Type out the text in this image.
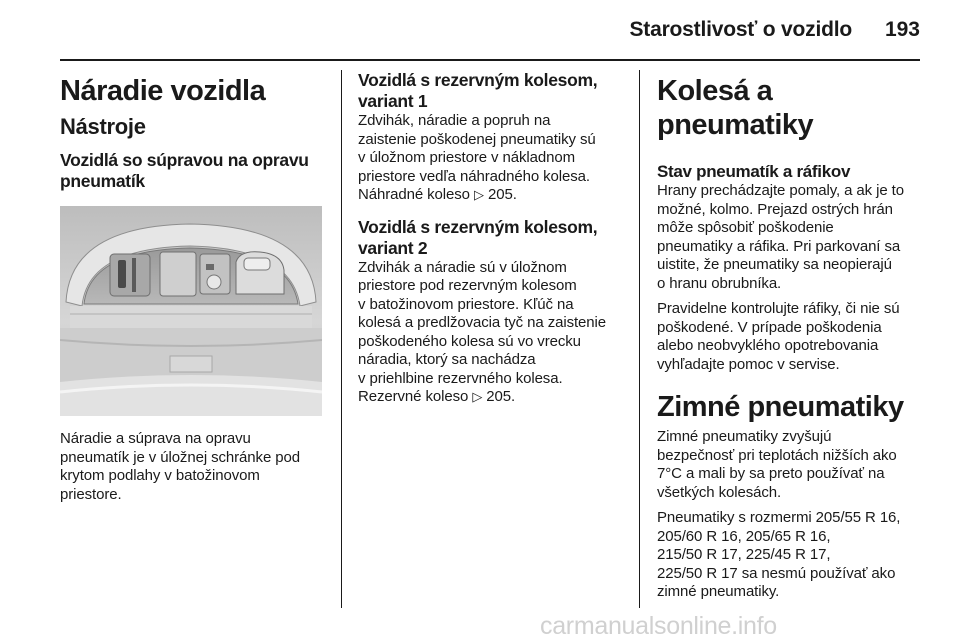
Starostlivosť o vozidlo 193
Náradie vozidla
Nástroje
Vozidlá so súpravou na opravu
pneumatík
Náradie a súprava na opravu
pneumatík je v úložnej schránke pod
krytom podlahy v batožinovom
priestore.
Vozidlá s rezervným kolesom,
variant 1
Zdvihák, náradie a popruh na
zaistenie poškodenej pneumatiky sú
v úložnom priestore v nákladnom
priestore vedľa náhradného kolesa.
Náhradné koleso ▷ 205.
Vozidlá s rezervným kolesom,
variant 2
Zdvihák a náradie sú v úložnom
priestore pod rezervným kolesom
v batožinovom priestore. Kľúč na
kolesá a predlžovacia tyč na zaistenie
poškodeného kolesa sú vo vrecku
náradia, ktorý sa nachádza
v priehlbine rezervného kolesa.
Rezervné koleso ▷ 205.
Kolesá a pneumatiky
Stav pneumatík a ráfikov
Hrany prechádzajte pomaly, a ak je to
možné, kolmo. Prejazd ostrých hrán
môže spôsobiť poškodenie
pneumatiky a ráfika. Pri parkovaní sa
uistite, že pneumatiky sa neopierajú
o hranu obrubníka.
Pravidelne kontrolujte ráfiky, či nie sú
poškodené. V prípade poškodenia
alebo neobvyklého opotrebovania
vyhľadajte pomoc v servise.
Zimné pneumatiky
Zimné pneumatiky zvyšujú
bezpečnosť pri teplotách nižších ako
7°C a mali by sa preto používať na
všetkých kolesách.
Pneumatiky s rozmermi 205/55 R 16,
205/60 R 16, 205/65 R 16,
215/50 R 17, 225/45 R 17,
225/50 R 17 sa nesmú používať ako
zimné pneumatiky.
carmanualsonline.info
